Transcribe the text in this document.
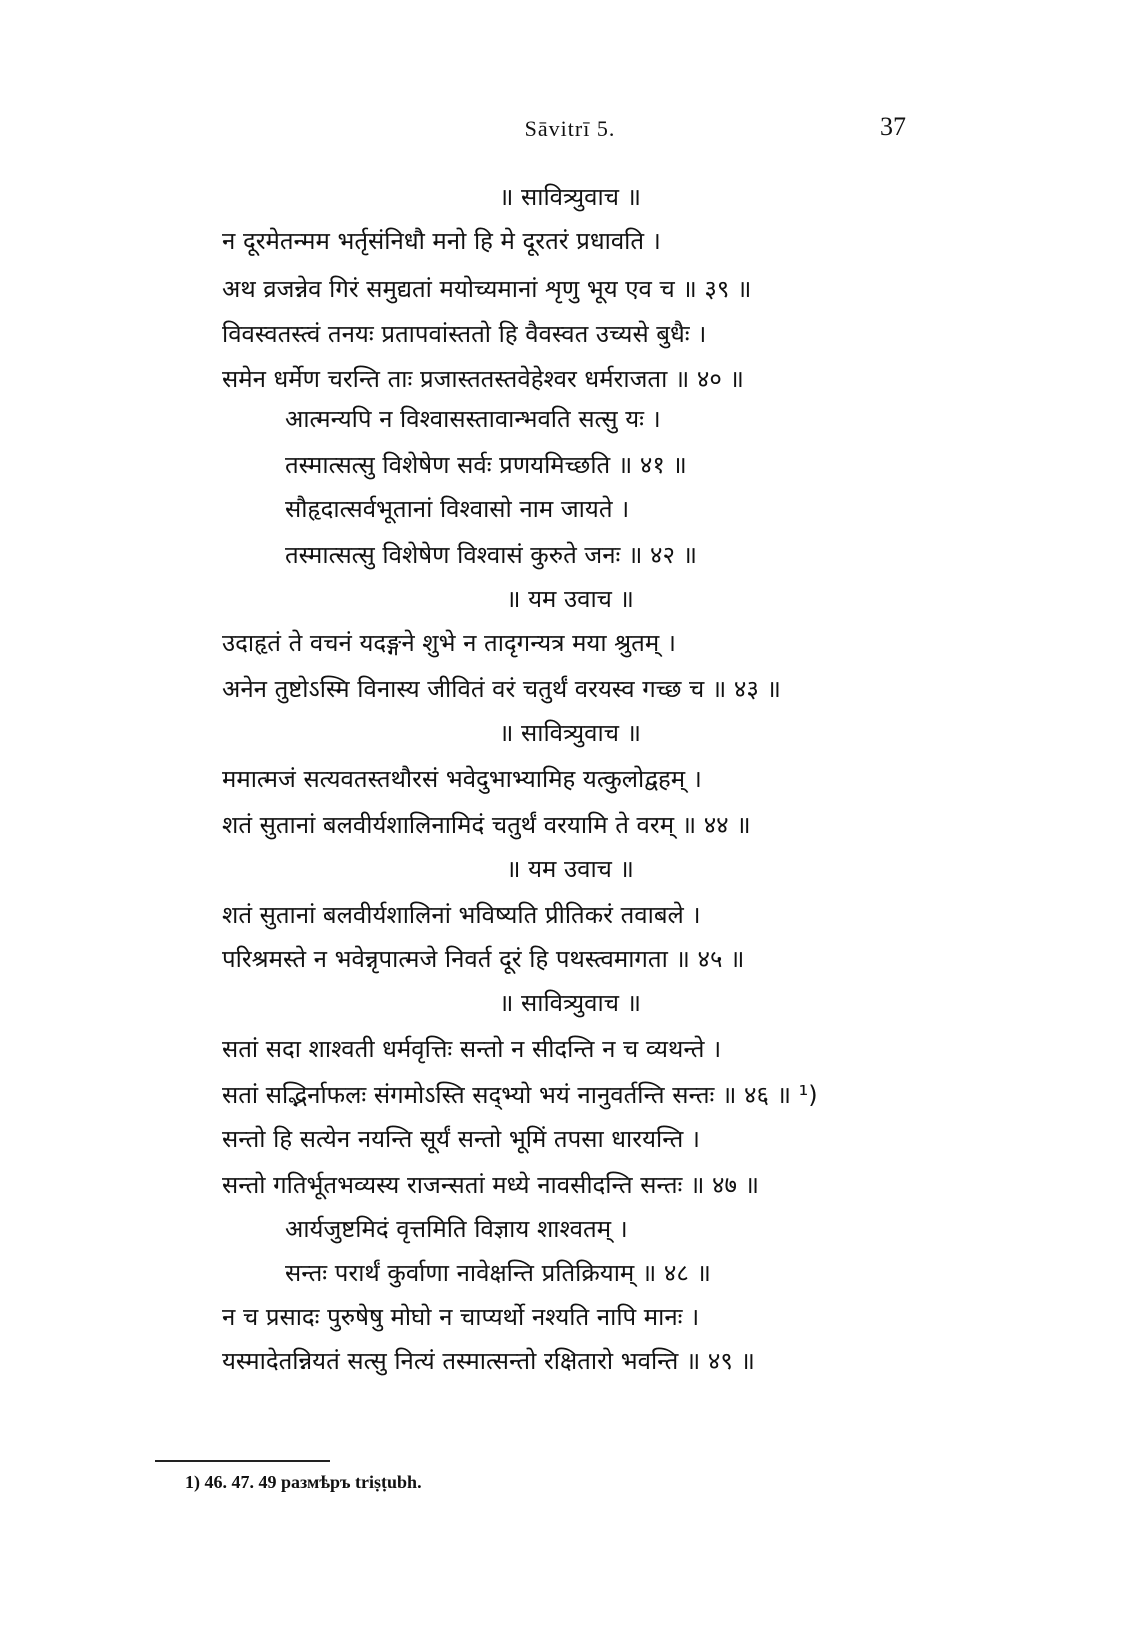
Sāvitrī 5.	37
॥ सावित्र्युवाच ॥
न दूरमेतन्मम भर्तृसंनिधौ मनो हि मे दूरतरं प्रधावति ।
अथ व्रजन्नेव गिरं समुद्यतां मयोच्यमानां शृणु भूय एव च ॥ ३९ ॥
विवस्वतस्त्वं तनयः प्रतापवांस्ततो हि वैवस्वत उच्यसे बुधैः ।
समेन धर्मेण चरन्ति ताः प्रजास्ततस्तवेहेश्वर धर्मराजता ॥ ४० ॥
आत्मन्यपि न विश्वासस्तावान्भवति सत्सु यः ।
तस्मात्सत्सु विशेषेण सर्वः प्रणयमिच्छति ॥ ४१ ॥
सौहृदात्सर्वभूतानां विश्वासो नाम जायते ।
तस्मात्सत्सु विशेषेण विश्वासं कुरुते जनः ॥ ४२ ॥
॥ यम उवाच ॥
उदाहृतं ते वचनं यदङ्गने शुभे न तादृगन्यत्र मया श्रुतम् ।
अनेन तुष्टोऽस्मि विनास्य जीवितं वरं चतुर्थं वरयस्व गच्छ च ॥ ४३ ॥
॥ सावित्र्युवाच ॥
ममात्मजं सत्यवतस्तथौरसं भवेदुभाभ्यामिह यत्कुलोद्वहम् ।
शतं सुतानां बलवीर्यशालिनामिदं चतुर्थं वरयामि ते वरम् ॥ ४४ ॥
॥ यम उवाच ॥
शतं सुतानां बलवीर्यशालिनां भविष्यति प्रीतिकरं तवाबले ।
परिश्रमस्ते न भवेन्नृपात्मजे निवर्त दूरं हि पथस्त्वमागता ॥ ४५ ॥
॥ सावित्र्युवाच ॥
सतां सदा शाश्वती धर्मवृत्तिः सन्तो न सीदन्ति न च व्यथन्ते ।
सतां सद्भिर्नाफलः संगमोऽस्ति सद्भ्यो भयं नानुवर्तन्ति सन्तः ॥ ४६ ॥ ¹)
सन्तो हि सत्येन नयन्ति सूर्यं सन्तो भूमिं तपसा धारयन्ति ।
सन्तो गतिर्भूतभव्यस्य राजन्सतां मध्ये नावसीदन्ति सन्तः ॥ ४७ ॥
आर्यजुष्टमिदं वृत्तमिति विज्ञाय शाश्वतम् ।
सन्तः परार्थं कुर्वाणा नावेक्षन्ति प्रतिक्रियाम् ॥ ४८ ॥
न च प्रसादः पुरुषेषु मोघो न चाप्यर्थो नश्यति नापि मानः ।
यस्मादेतन्नियतं सत्सु नित्यं तस्मात्सन्तो रक्षितारो भवन्ति ॥ ४९ ॥
1) 46. 47. 49 размѣръ triṣṭubh.
